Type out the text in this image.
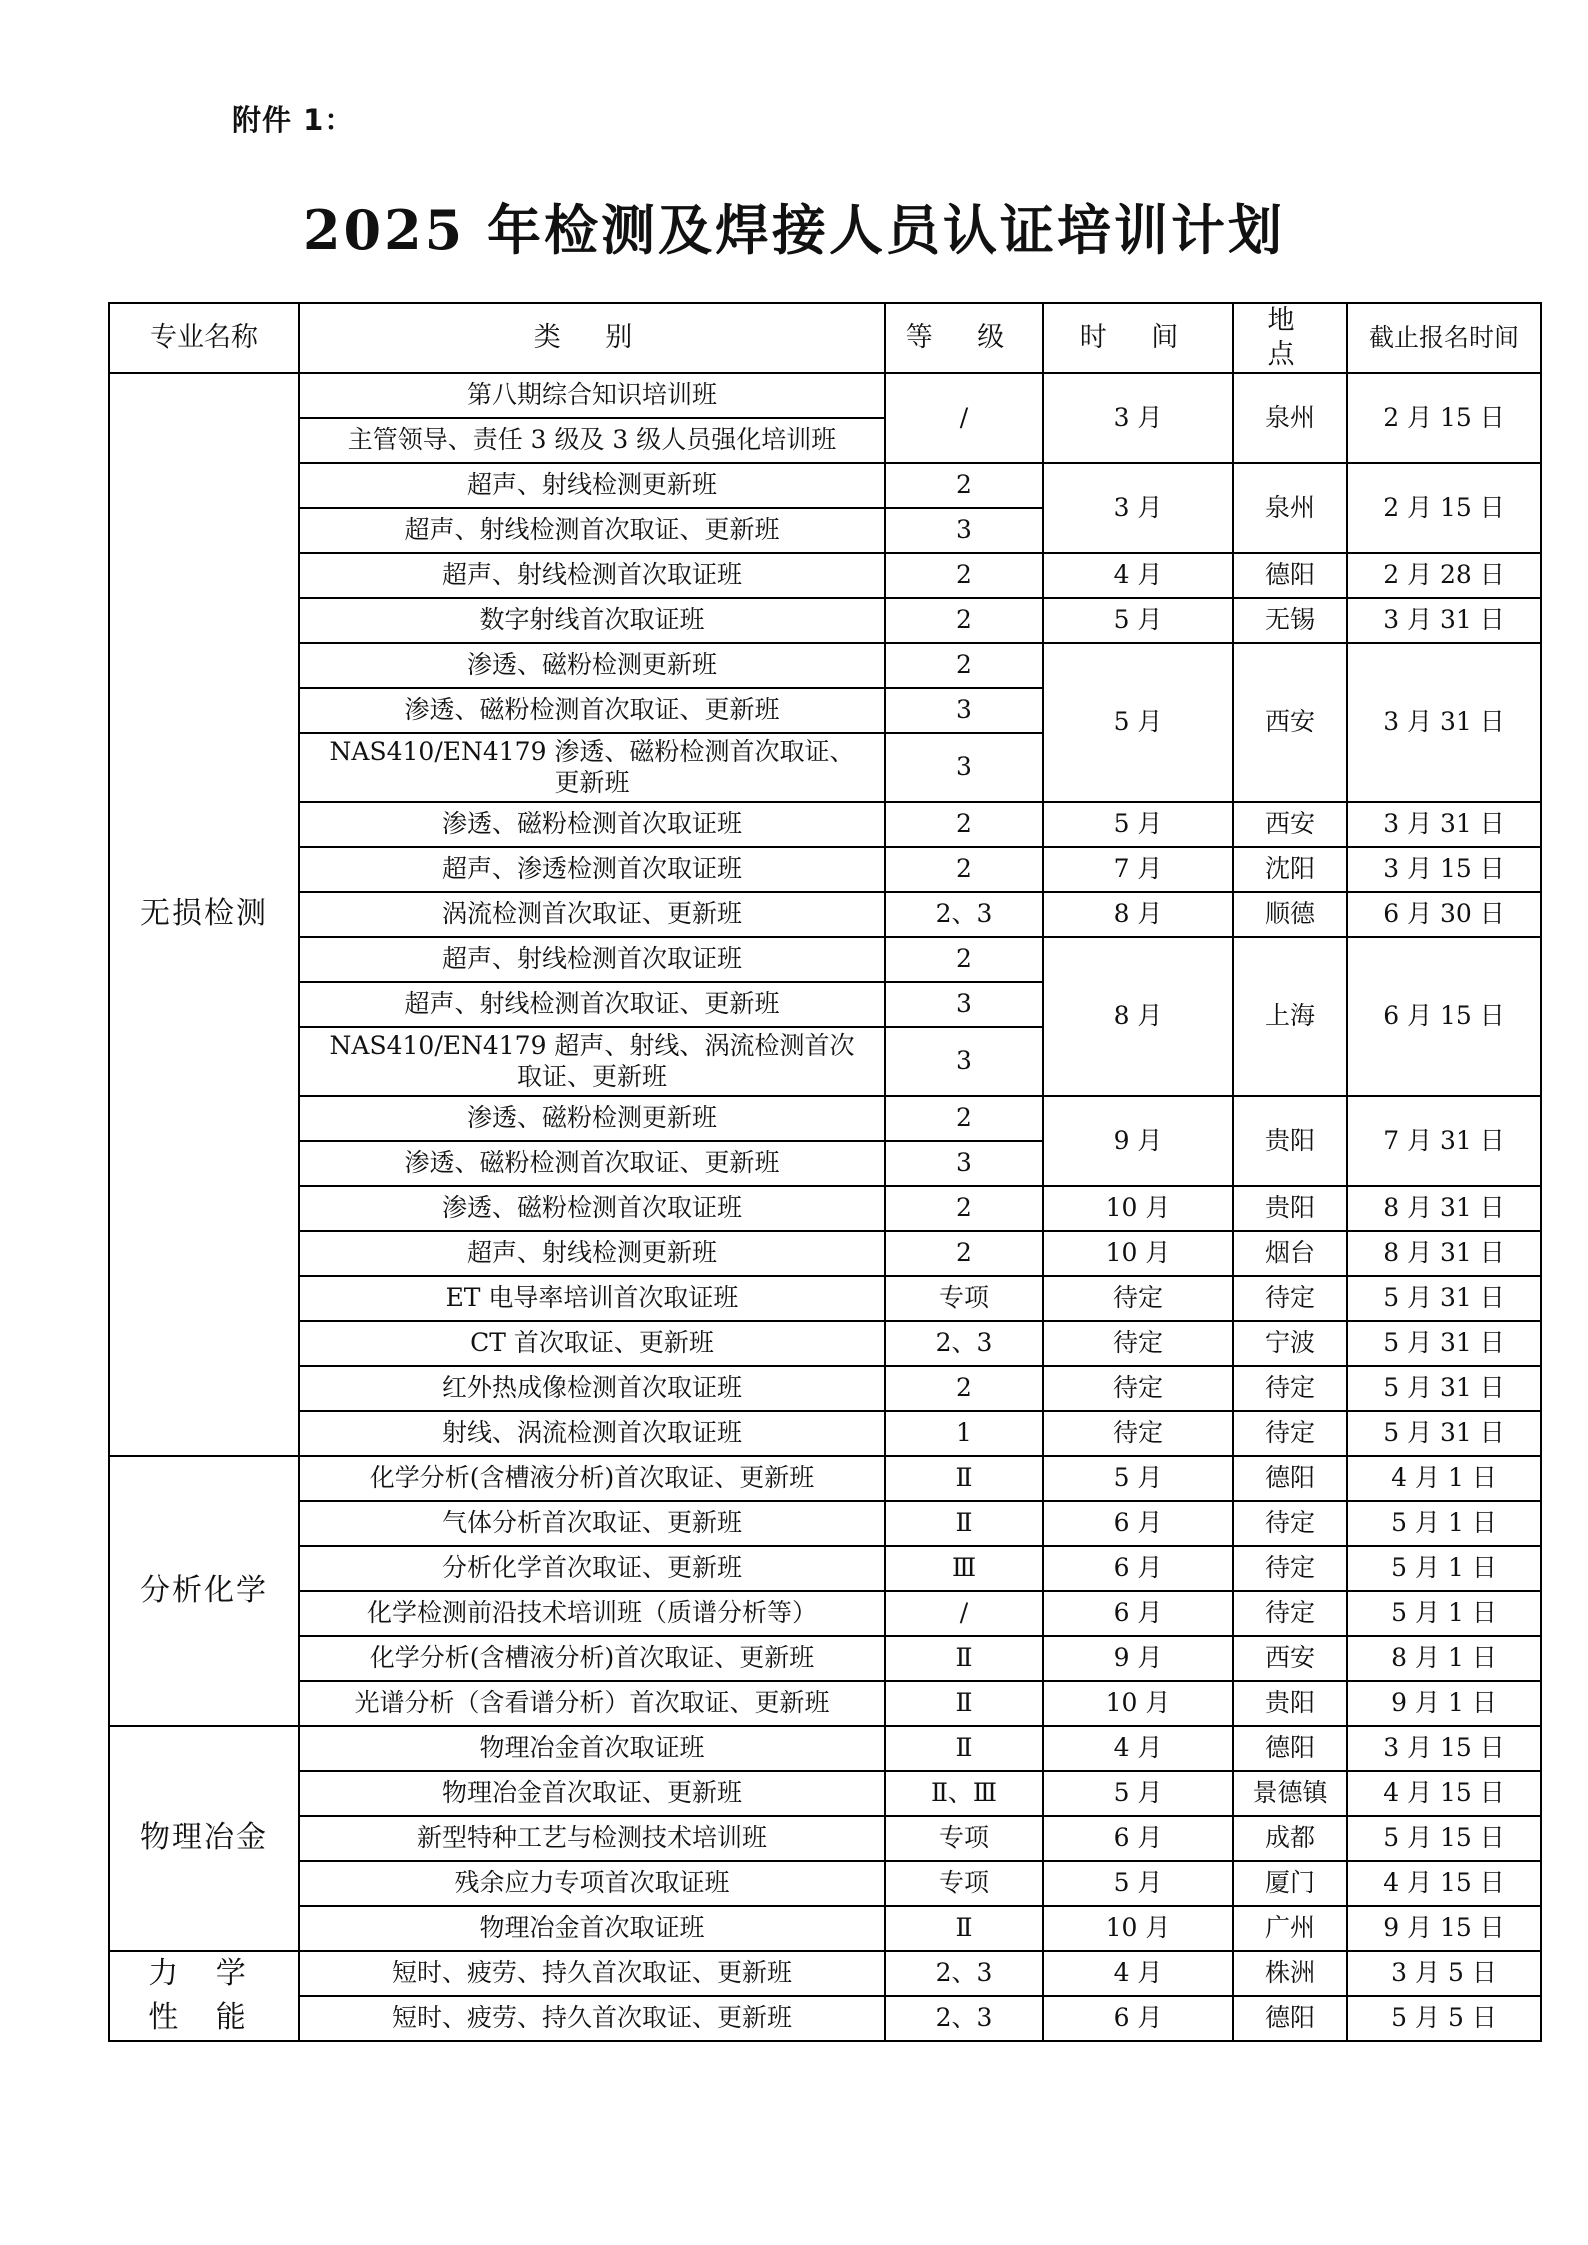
附件 1：
2025 年检测及焊接人员认证培训计划
专业名称	类 别	等 级	时 间	地 点	截止报名时间
无损检测	第八期综合知识培训班	/	3 月	泉州	2 月 15 日
	主管领导、责任 3 级及 3 级人员强化培训班				
	超声、射线检测更新班	2	3 月	泉州	2 月 15 日
	超声、射线检测首次取证、更新班	3			
	超声、射线检测首次取证班	2	4 月	德阳	2 月 28 日
	数字射线首次取证班	2	5 月	无锡	3 月 31 日
	渗透、磁粉检测更新班	2	5 月	西安	3 月 31 日
	渗透、磁粉检测首次取证、更新班	3			

	NAS410/EN4179 渗透、磁粉检测首次取证、
更新班	3			
	渗透、磁粉检测首次取证班	2	5 月	西安	3 月 31 日
	超声、渗透检测首次取证班	2	7 月	沈阳	3 月 15 日
	涡流检测首次取证、更新班	2、3	8 月	顺德	6 月 30 日
	超声、射线检测首次取证班	2	8 月	上海	6 月 15 日
	超声、射线检测首次取证、更新班	3			

	NAS410/EN4179 超声、射线、涡流检测首次
取证、更新班	3			
	渗透、磁粉检测更新班	2	9 月	贵阳	7 月 31 日
	渗透、磁粉检测首次取证、更新班	3			
	渗透、磁粉检测首次取证班	2	10 月	贵阳	8 月 31 日
	超声、射线检测更新班	2	10 月	烟台	8 月 31 日
	ET 电导率培训首次取证班	专项	待定	待定	5 月 31 日
	CT 首次取证、更新班	2、3	待定	宁波	5 月 31 日
	红外热成像检测首次取证班	2	待定	待定	5 月 31 日
	射线、涡流检测首次取证班	1	待定	待定	5 月 31 日
分析化学	化学分析(含槽液分析)首次取证、更新班	Ⅱ	5 月	德阳	4 月 1 日
	气体分析首次取证、更新班	Ⅱ	6 月	待定	5 月 1 日
	分析化学首次取证、更新班	Ⅲ	6 月	待定	5 月 1 日
	化学检测前沿技术培训班（质谱分析等）	/	6 月	待定	5 月 1 日
	化学分析(含槽液分析)首次取证、更新班	Ⅱ	9 月	西安	8 月 1 日
	光谱分析（含看谱分析）首次取证、更新班	Ⅱ	10 月	贵阳	9 月 1 日
物理冶金	物理冶金首次取证班	Ⅱ	4 月	德阳	3 月 15 日
	物理冶金首次取证、更新班	Ⅱ、Ⅲ	5 月	景德镇	4 月 15 日
	新型特种工艺与检测技术培训班	专项	6 月	成都	5 月 15 日
	残余应力专项首次取证班	专项	5 月	厦门	4 月 15 日
	物理冶金首次取证班	Ⅱ	10 月	广州	9 月 15 日

力 学
性 能	短时、疲劳、持久首次取证、更新班	2、3	4 月	株洲	3 月 5 日
	短时、疲劳、持久首次取证、更新班	2、3	6 月	德阳	5 月 5 日
